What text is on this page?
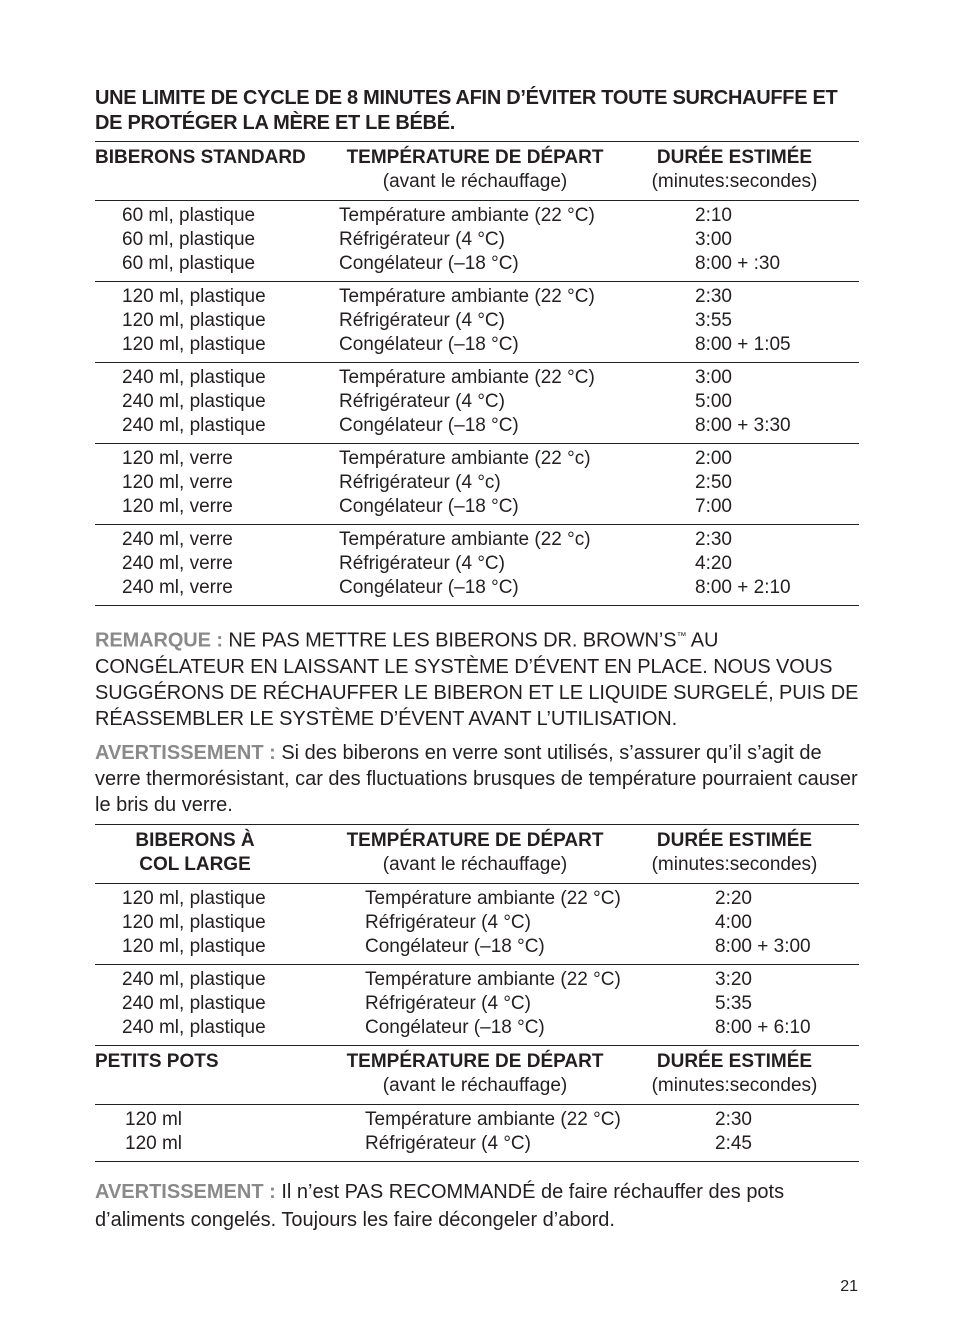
UNE LIMITE DE CYCLE DE 8 MINUTES AFIN D’ÉVITER TOUTE SURCHAUFFE ET DE PROTÉGER LA MÈRE ET LE BÉBÉ.
BIBERONS STANDARD	TEMPÉRATURE DE DÉPART
(avant le réchauffage)
DURÉE ESTIMÉE
(minutes:secondes)
60 ml, plastique
60 ml, plastique
60 ml, plastique
Température ambiante (22 °C)
Réfrigérateur (4 °C)
Congélateur (–18 °C)
2:10
3:00
8:00 + :30
120 ml, plastique
120 ml, plastique
120 ml, plastique
Température ambiante (22 °C)
Réfrigérateur (4 °C)
Congélateur (–18 °C)
2:30
3:55
8:00 + 1:05
240 ml, plastique
240 ml, plastique
240 ml, plastique
Température ambiante (22 °C)
Réfrigérateur (4 °C)
Congélateur (–18 °C)
3:00
5:00
8:00 + 3:30
120 ml, verre
120 ml, verre
120 ml, verre
Température ambiante (22 °c)
Réfrigérateur (4 °c)
Congélateur (–18 °C)
2:00
2:50
7:00
240 ml, verre
240 ml, verre
240 ml, verre
Température ambiante (22 °c)
Réfrigérateur (4 °C)
Congélateur (–18 °C)
2:30
4:20
8:00 + 2:10
REMARQUE : NE PAS METTRE LES BIBERONS DR. BROWN’S™ AU CONGÉLATEUR EN LAISSANT LE SYSTÈME D’ÉVENT EN PLACE. NOUS VOUS SUGGÉRONS DE RÉCHAUFFER LE BIBERON ET LE LIQUIDE SURGELÉ, PUIS DE RÉASSEMBLER LE SYSTÈME D’ÉVENT AVANT L’UTILISATION.
AVERTISSEMENT : Si des biberons en verre sont utilisés, s’assurer qu’il s’agit de verre thermorésistant, car des fluctuations brusques de température pourraient causer le bris du verre.
BIBERONS À
COL LARGE
TEMPÉRATURE DE DÉPART
(avant le réchauffage)
DURÉE ESTIMÉE
(minutes:secondes)
120 ml, plastique
120 ml, plastique
120 ml, plastique
Température ambiante (22 °C)
Réfrigérateur (4 °C)
Congélateur (–18 °C)
2:20
4:00
8:00 + 3:00
240 ml, plastique
240 ml, plastique
240 ml, plastique
Température ambiante (22 °C)
Réfrigérateur (4 °C)
Congélateur (–18 °C)
3:20
5:35
8:00 + 6:10
PETITS POTS	TEMPÉRATURE DE DÉPART
(avant le réchauffage)
DURÉE ESTIMÉE
(minutes:secondes)
120 ml
120 ml
Température ambiante (22 °C)
Réfrigérateur (4 °C)
2:30
2:45
AVERTISSEMENT : Il n’est PAS RECOMMANDÉ de faire réchauffer des pots d’aliments congelés. Toujours les faire décongeler d’abord.
21
